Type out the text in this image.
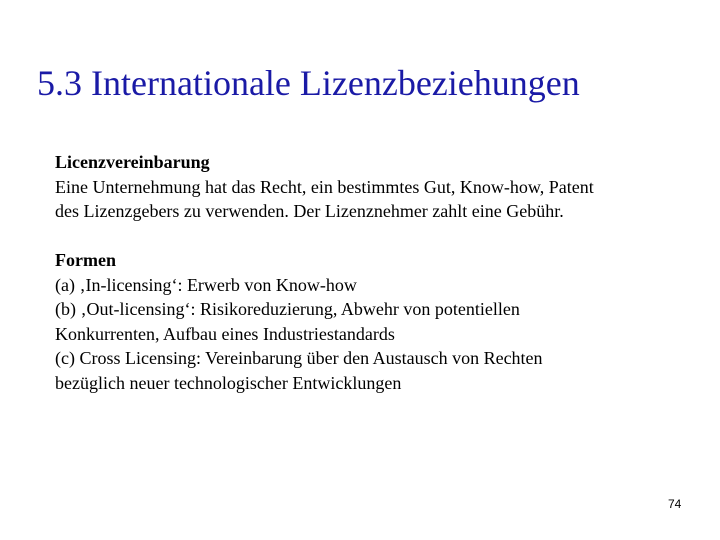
5.3 Internationale Lizenzbeziehungen

Licenzvereinbarung
Eine Unternehmung hat das Recht, ein bestimmtes Gut, Know-how, Patent
des Lizenzgebers zu verwenden. Der Lizenznehmer zahlt eine Gebühr.

Formen
(a) ‚In-licensing‘: Erwerb von Know-how
(b) ‚Out-licensing‘: Risikoreduzierung, Abwehr von potentiellen
Konkurrenten, Aufbau eines Industriestandards
(c) Cross Licensing: Vereinbarung über den Austausch von Rechten
bezüglich neuer technologischer Entwicklungen

74
